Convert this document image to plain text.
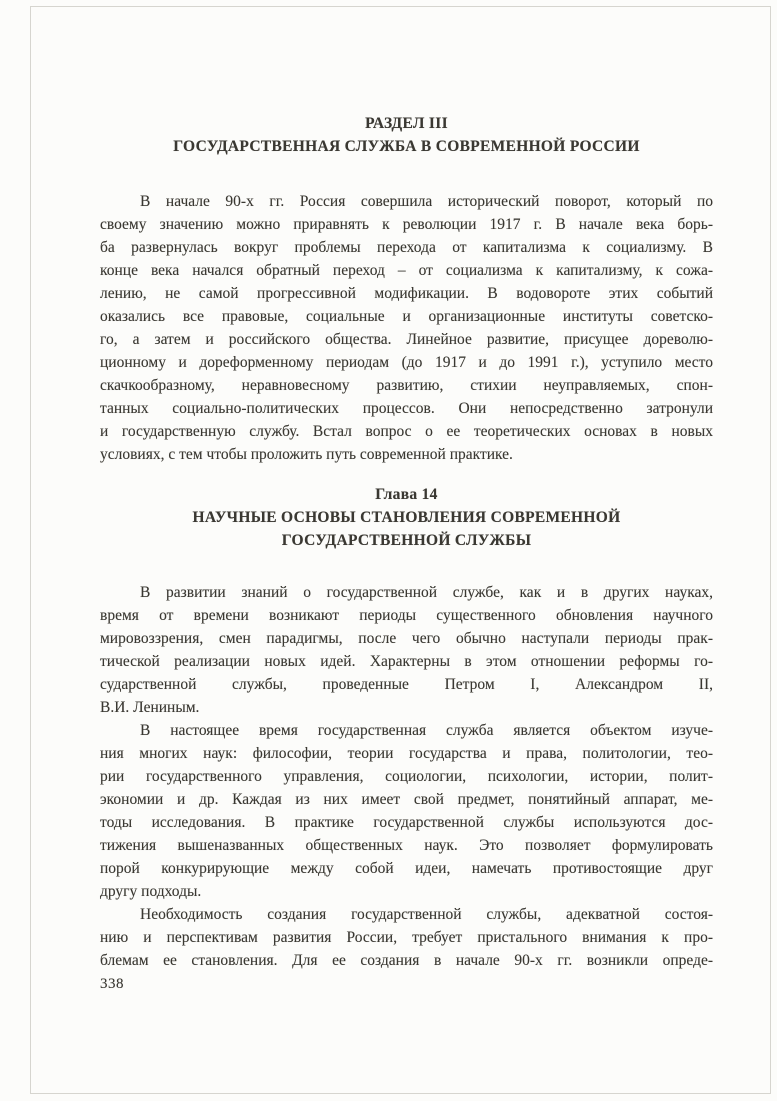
РАЗДЕЛ III
ГОСУДАРСТВЕННАЯ СЛУЖБА В СОВРЕМЕННОЙ РОССИИ
В начале 90-х гг. Россия совершила исторический поворот, который по
своему значению можно приравнять к революции 1917 г. В начале века борь-
ба развернулась вокруг проблемы перехода от капитализма к социализму. В
конце века начался обратный переход – от социализма к капитализму, к сожа-
лению, не самой прогрессивной модификации. В водовороте этих событий
оказались все правовые, социальные и организационные институты советско-
го, а затем и российского общества. Линейное развитие, присущее дореволю-
ционному и дореформенному периодам (до 1917 и до 1991 г.), уступило место
скачкообразному, неравновесному развитию, стихии неуправляемых, спон-
танных социально-политических процессов. Они непосредственно затронули
и государственную службу. Встал вопрос о ее теоретических основах в новых
условиях, с тем чтобы проложить путь современной практике.
Глава 14
НАУЧНЫЕ ОСНОВЫ СТАНОВЛЕНИЯ СОВРЕМЕННОЙ
ГОСУДАРСТВЕННОЙ СЛУЖБЫ
В развитии знаний о государственной службе, как и в других науках,
время от времени возникают периоды существенного обновления научного
мировоззрения, смен парадигмы, после чего обычно наступали периоды прак-
тической реализации новых идей. Характерны в этом отношении реформы го-
сударственной службы, проведенные Петром I, Александром II,
В.И. Лениным.
В настоящее время государственная служба является объектом изуче-
ния многих наук: философии, теории государства и права, политологии, тео-
рии государственного управления, социологии, психологии, истории, полит-
экономии и др. Каждая из них имеет свой предмет, понятийный аппарат, ме-
тоды исследования. В практике государственной службы используются дос-
тижения вышеназванных общественных наук. Это позволяет формулировать
порой конкурирующие между собой идеи, намечать противостоящие друг
другу подходы.
Необходимость создания государственной службы, адекватной состоя-
нию и перспективам развития России, требует пристального внимания к про-
блемам ее становления. Для ее создания в начале 90-х гг. возникли опреде-
338
